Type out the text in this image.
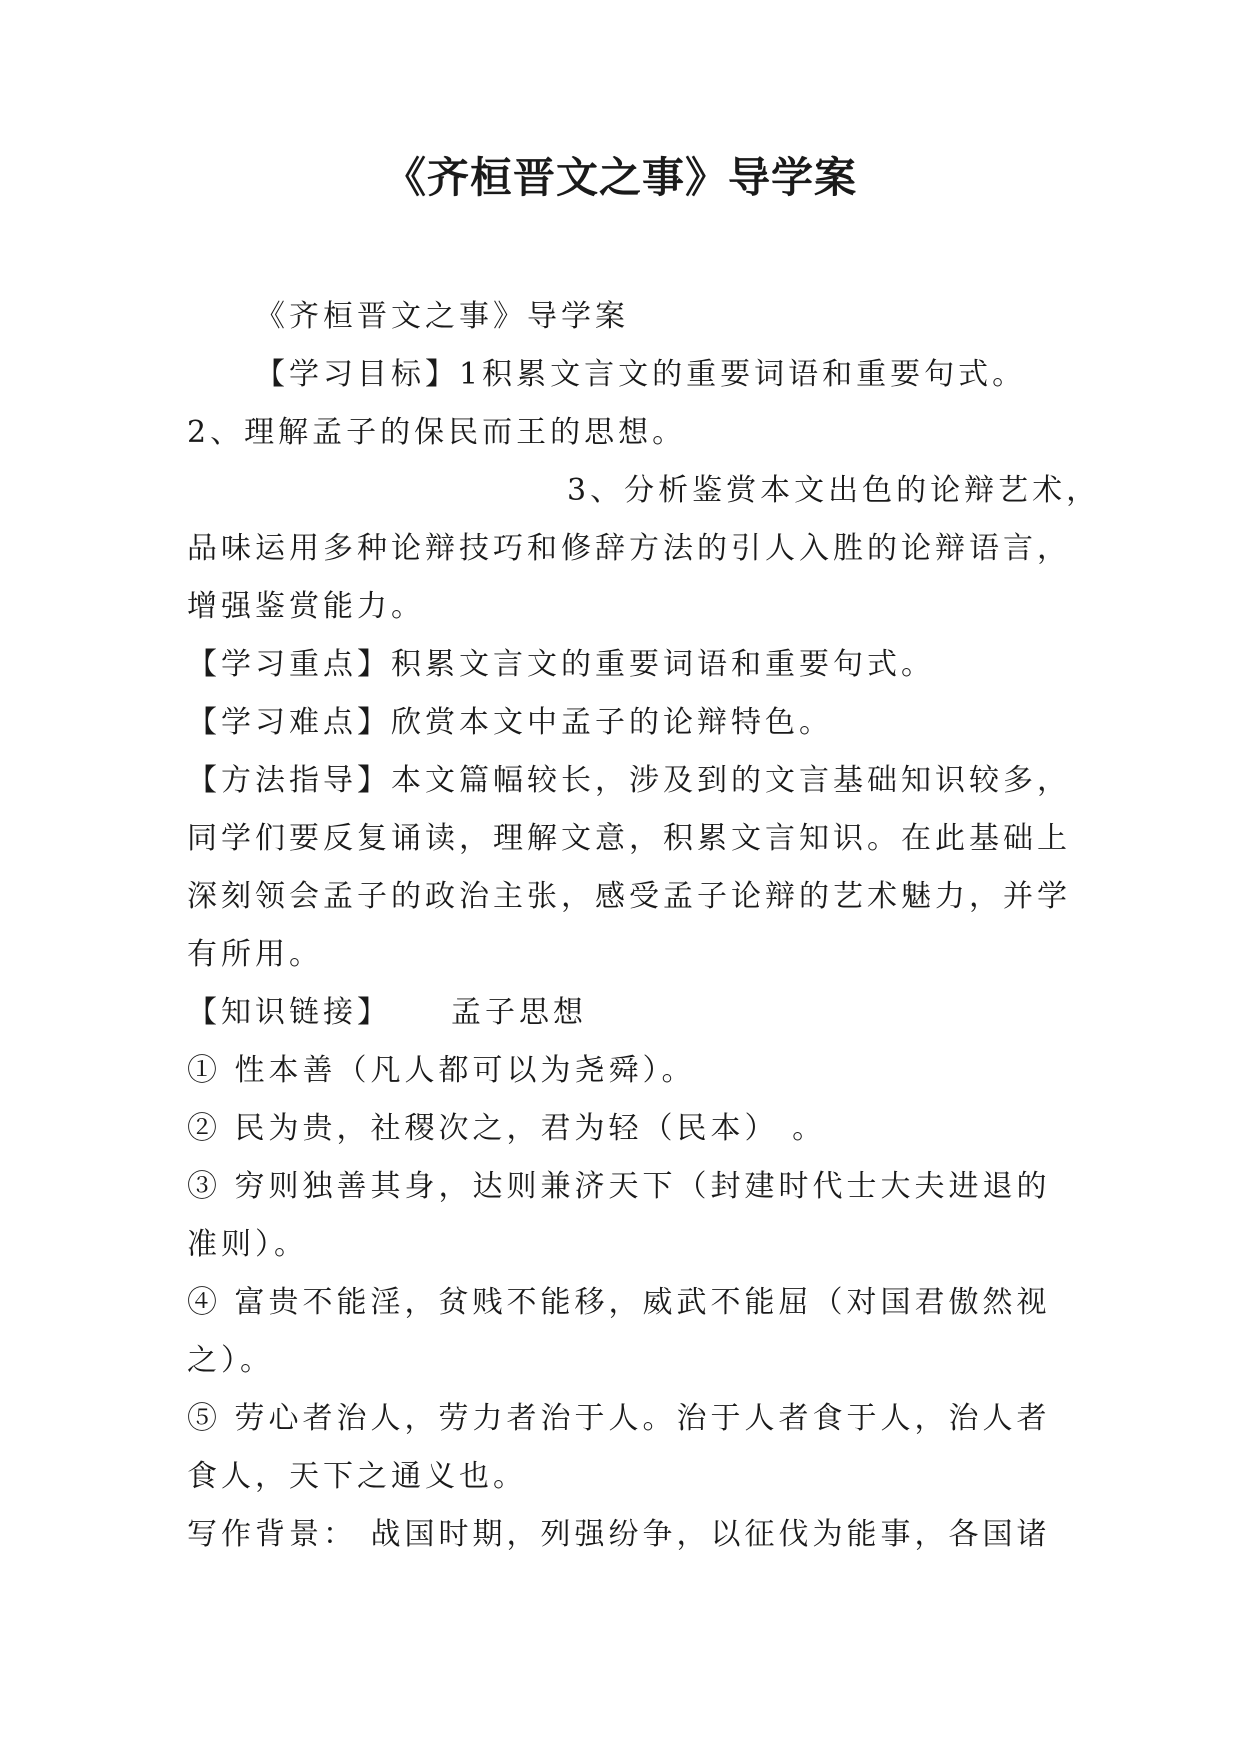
《齐桓晋文之事》导学案
《齐桓晋文之事》导学案
【学习目标】1积累文言文的重要词语和重要句式。
2、理解孟子的保民而王的思想。
3、分析鉴赏本文出色的论辩艺术，
品味运用多种论辩技巧和修辞方法的引人入胜的论辩语言，
增强鉴赏能力。
【学习重点】积累文言文的重要词语和重要句式。
【学习难点】欣赏本文中孟子的论辩特色。
【方法指导】本文篇幅较长，涉及到的文言基础知识较多，
同学们要反复诵读，理解文意，积累文言知识。在此基础上
深刻领会孟子的政治主张，感受孟子论辩的艺术魅力，并学
有所用。
【知识链接】 孟子思想
① 性本善（凡人都可以为尧舜）。
② 民为贵，社稷次之，君为轻（民本） 。
③ 穷则独善其身，达则兼济天下（封建时代士大夫进退的
准则）。
④ 富贵不能淫，贫贱不能移，威武不能屈（对国君傲然视
之）。
⑤ 劳心者治人，劳力者治于人。治于人者食于人，治人者
食人，天下之通义也。
写作背景： 战国时期，列强纷争，以征伐为能事，各国诸
